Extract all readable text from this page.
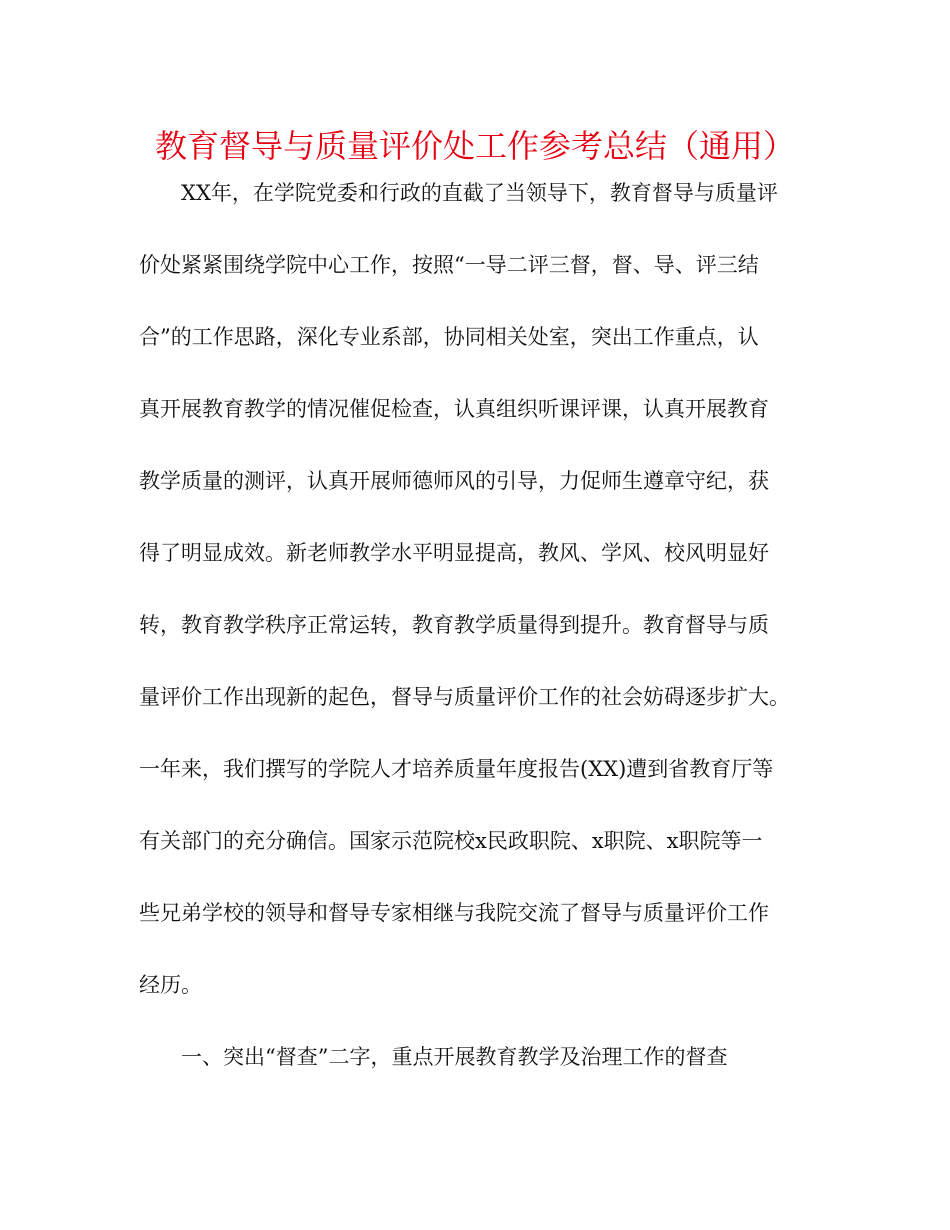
教育督导与质量评价处工作参考总结（通用）
XX年，在学院党委和行政的直截了当领导下，教育督导与质量评
价处紧紧围绕学院中心工作，按照“一导二评三督，督、导、评三结
合”的工作思路，深化专业系部，协同相关处室，突出工作重点，认
真开展教育教学的情况催促检查，认真组织听课评课，认真开展教育
教学质量的测评，认真开展师德师风的引导，力促师生遵章守纪，获
得了明显成效。新老师教学水平明显提高，教风、学风、校风明显好
转，教育教学秩序正常运转，教育教学质量得到提升。教育督导与质
量评价工作出现新的起色，督导与质量评价工作的社会妨碍逐步扩大。
一年来，我们撰写的学院人才培养质量年度报告(XX)遭到省教育厅等
有关部门的充分确信。国家示范院校x民政职院、x职院、x职院等一
些兄弟学校的领导和督导专家相继与我院交流了督导与质量评价工作
经历。
一、突出“督查”二字，重点开展教育教学及治理工作的督查
